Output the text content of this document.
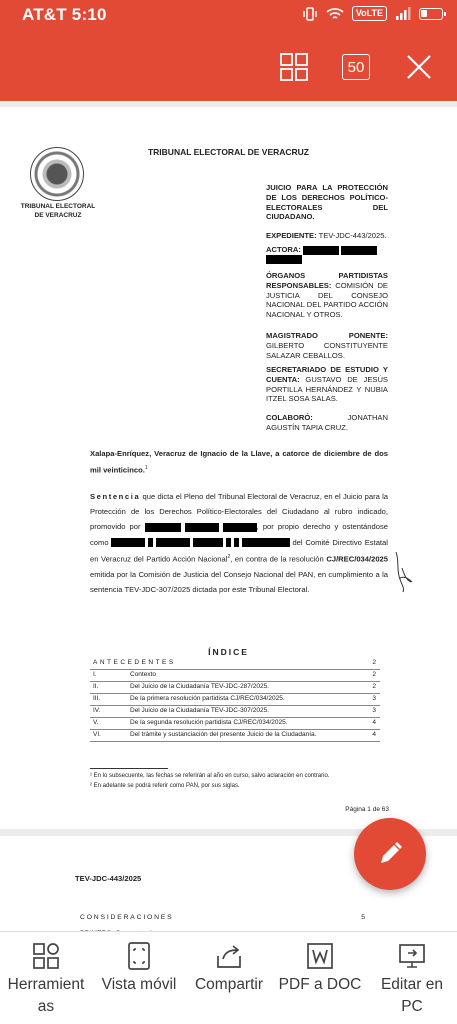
AT&T 5:10	VoLTE
50
TRIBUNAL ELECTORAL
DE VERACRUZ
TRIBUNAL ELECTORAL DE VERACRUZ
JUICIO PARA LA PROTECCIÓN DE LOS DERECHOS POLÍTICO-ELECTORALES DEL CIUDADANO.
EXPEDIENTE: TEV-JDC-443/2025.
ACTORA:

ÓRGANOS PARTIDISTAS RESPONSABLES: COMISIÓN DE JUSTICIA DEL CONSEJO NACIONAL DEL PARTIDO ACCIÓN NACIONAL Y OTROS.
MAGISTRADO PONENTE: GILBERTO CONSTITUYENTE SALAZAR CEBALLOS.
SECRETARIADO DE ESTUDIO Y CUENTA: GUSTAVO DE JESÚS PORTILLA HERNÁNDEZ Y NUBIA ITZEL SOSA SALAS.
COLABORÓ:	JONATHAN AGUSTÍN TAPIA CRUZ.
Xalapa-Enríquez, Veracruz de Ignacio de la Llave, a catorce de diciembre de dos mil veinticinco.$^1$
Sentencia que dicta el Pleno del Tribunal Electoral de Veracruz, en el Juicio para la Protección de los Derechos Político-Electorales del Ciudadano al rubro indicado, promovido por	, por propio derecho y ostentándose como	del Comité Directivo Estatal en Veracruz del Partido Acción Nacional$^2$, en contra de la resolución CJ/REC/034/2025 emitida por la Comisión de Justicia del Consejo Nacional del PAN, en cumplimiento a la sentencia TEV-JDC-307/2025 dictada por este Tribunal Electoral.
ÍNDICE
ANTECEDENTES	2
I.	Contexto	2
II.	Del Juicio de la Ciudadanía TEV-JDC-287/2025.	2
III.	De la primera resolución partidista CJ/REC/034/2025.	3
IV.	Del Juicio de la Ciudadanía TEV-JDC-307/2025.	3
V.	De la segunda resolución partidista CJ/REC/034/2025.	4
VI.	Del trámite y sustanciación del presente Juicio de la Ciudadanía.	4
¹ En lo subsecuente, las fechas se referirán al año en curso, salvo aclaración en contrario.
² En adelante se podrá referir como PAN, por sus siglas.
Página 1 de 63
TEV-JDC-443/2025
CONSIDERACIONES	5
Herramient
as
Vista móvil Compartir PDF a DOC Editar en
PC
